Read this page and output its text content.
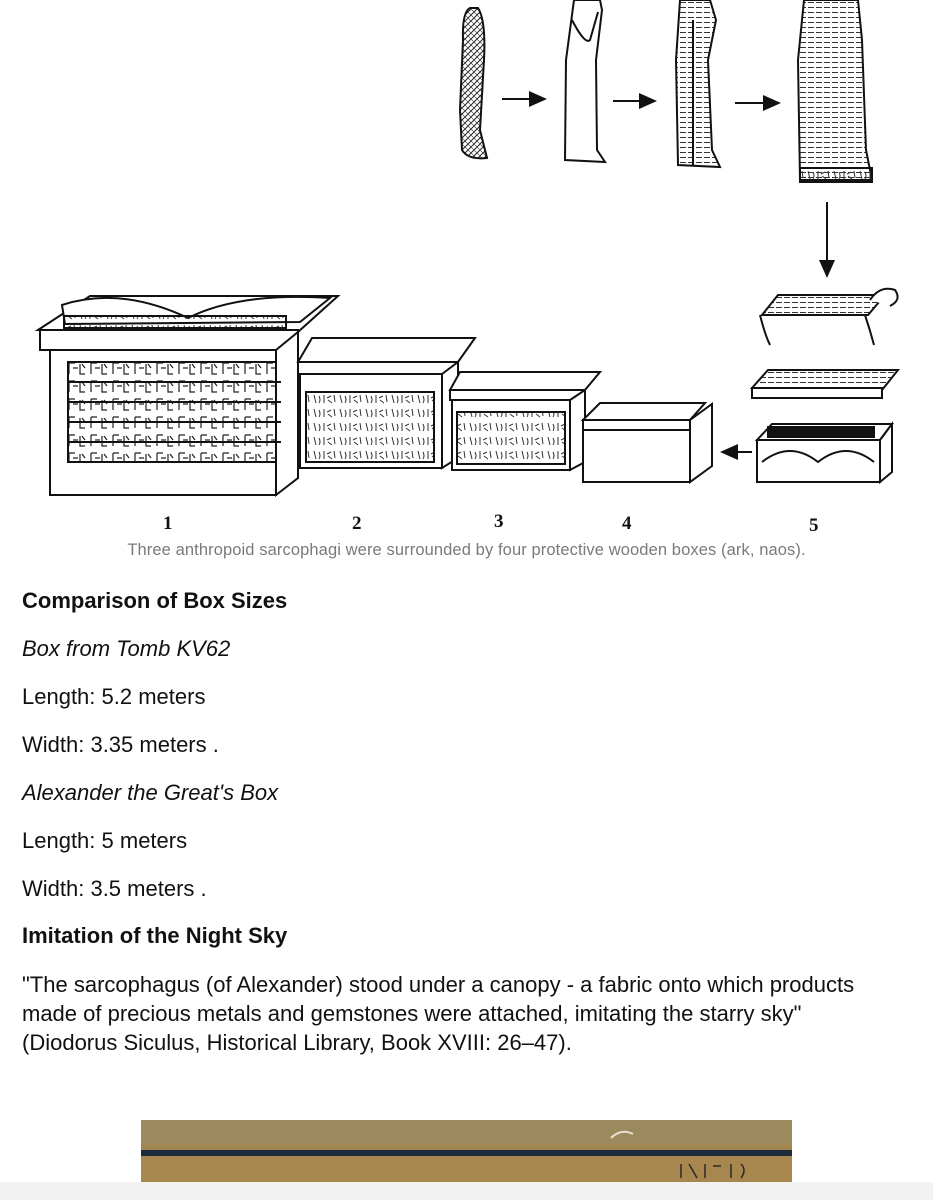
1	2	3	4	5
Three anthropoid sarcophagi were surrounded by four protective wooden boxes (ark, naos).
Comparison of Box Sizes

Box from Tomb KV62

Length: 5.2 meters

Width: 3.35 meters .

Alexander the Great's Box

Length: 5 meters

Width: 3.5 meters .

Imitation of the Night Sky

"The sarcophagus (of Alexander) stood under a canopy - a fabric onto which products made of precious metals and gemstones were attached, imitating the starry sky" (Diodorus Siculus, Historical Library, Book XVIII: 26–47).
